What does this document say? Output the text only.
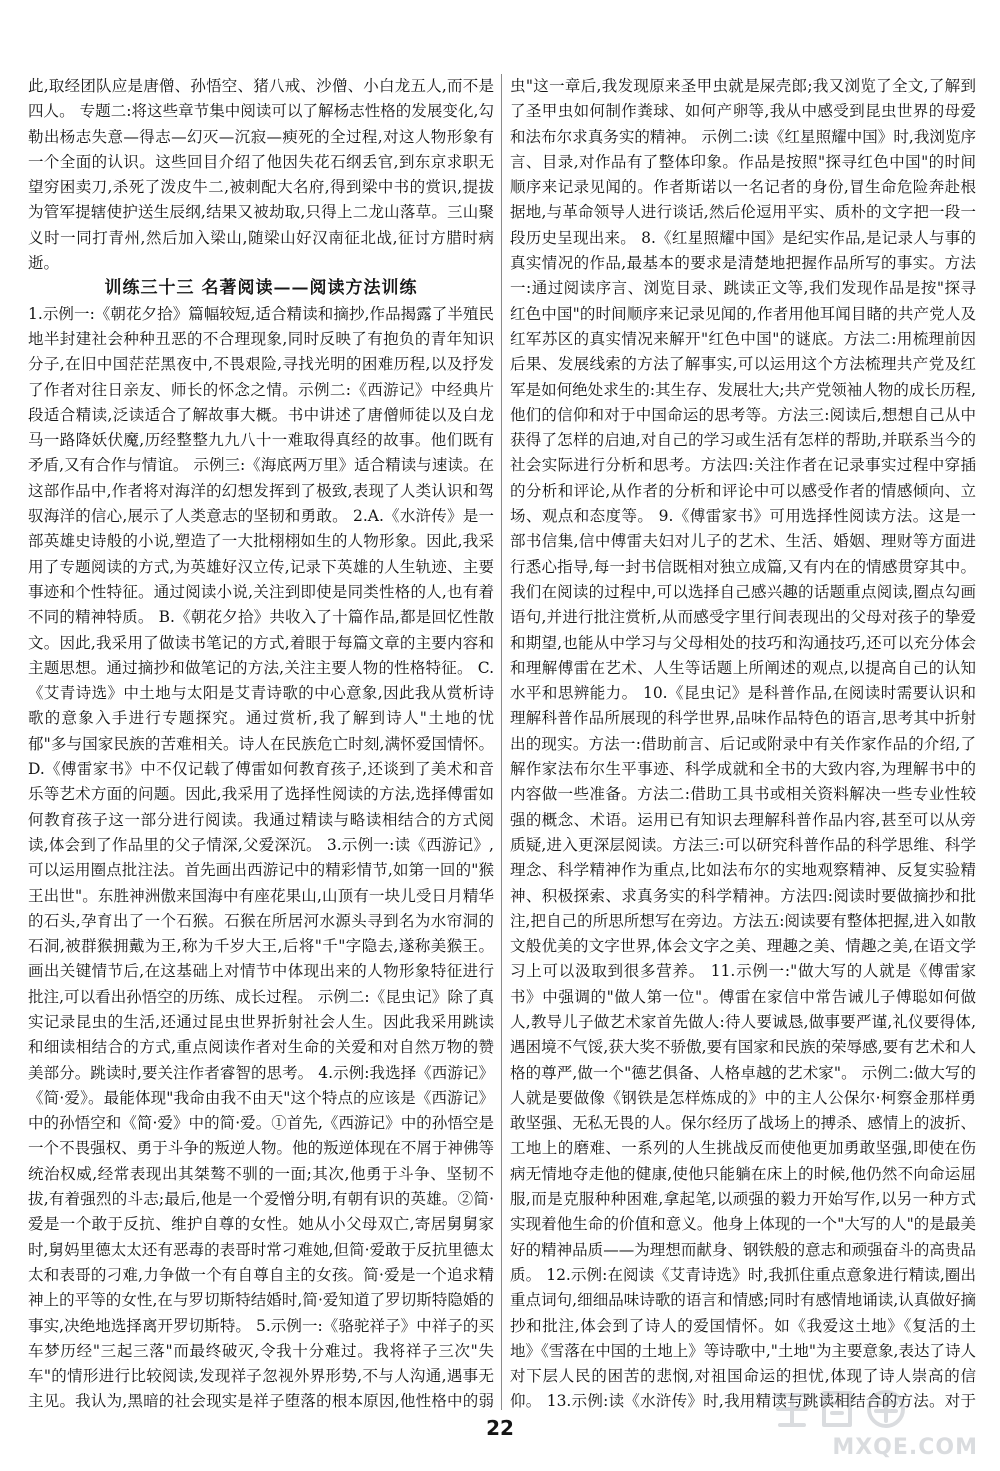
此,取经团队应是唐僧、孙悟空、猪八戒、沙僧、小白龙五人,而不是四人。 专题二:将这些章节集中阅读可以了解杨志性格的发展变化,勾勒出杨志失意—得志—幻灭—沉寂—瘐死的全过程,对这人物形象有一个全面的认识。这些回目介绍了他因失花石纲丢官,到东京求职无望穷困卖刀,杀死了泼皮牛二,被刺配大名府,得到梁中书的赏识,提拔为管军提辖使护送生辰纲,结果又被劫取,只得上二龙山落草。三山聚义时一同打青州,然后加入梁山,随梁山好汉南征北战,征讨方腊时病逝。
训练三十三 名著阅读——阅读方法训练
1.示例一:《朝花夕拾》篇幅较短,适合精读和摘抄,作品揭露了半殖民地半封建社会种种丑恶的不合理现象,同时反映了有抱负的青年知识分子,在旧中国茫茫黑夜中,不畏艰险,寻找光明的困难历程,以及抒发了作者对往日亲友、师长的怀念之情。示例二:《西游记》中经典片段适合精读,泛读适合了解故事大概。书中讲述了唐僧师徒以及白龙马一路降妖伏魔,历经整整九九八十一难取得真经的故事。他们既有矛盾,又有合作与情谊。 示例三:《海底两万里》适合精读与速读。在这部作品中,作者将对海洋的幻想发挥到了极致,表现了人类认识和驾驭海洋的信心,展示了人类意志的坚韧和勇敢。 2.A.《水浒传》是一部英雄史诗般的小说,塑造了一大批栩栩如生的人物形象。因此,我采用了专题阅读的方式,为英雄好汉立传,记录下英雄的人生轨迹、主要事迹和个性特征。通过阅读小说,关注到即使是同类性格的人,也有着不同的精神特质。 B.《朝花夕拾》共收入了十篇作品,都是回忆性散文。因此,我采用了做读书笔记的方式,着眼于每篇文章的主要内容和主题思想。通过摘抄和做笔记的方法,关注主要人物的性格特征。 C.《艾青诗选》中土地与太阳是艾青诗歌的中心意象,因此我从赏析诗歌的意象入手进行专题探究。通过赏析,我了解到诗人"土地的忧郁"多与国家民族的苦难相关。诗人在民族危亡时刻,满怀爱国情怀。 D.《傅雷家书》中不仅记载了傅雷如何教育孩子,还谈到了美术和音乐等艺术方面的问题。因此,我采用了选择性阅读的方法,选择傅雷如何教育孩子这一部分进行阅读。我通过精读与略读相结合的方式阅读,体会到了作品里的父子情深,父爱深沉。 3.示例一:读《西游记》,可以运用圈点批注法。首先画出西游记中的精彩情节,如第一回的"猴王出世"。东胜神洲傲来国海中有座花果山,山顶有一块儿受日月精华的石头,孕育出了一个石猴。石猴在所居河水源头寻到名为水帘洞的石洞,被群猴拥戴为王,称为千岁大王,后将"千"字隐去,遂称美猴王。画出关键情节后,在这基础上对情节中体现出来的人物形象特征进行批注,可以看出孙悟空的历练、成长过程。 示例二:《昆虫记》除了真实记录昆虫的生活,还通过昆虫世界折射社会人生。因此我采用跳读和细读相结合的方式,重点阅读作者对生命的关爱和对自然万物的赞美部分。跳读时,要关注作者睿智的思考。 4.示例:我选择《西游记》《简·爱》。最能体现"我命由我不由天"这个特点的应该是《西游记》中的孙悟空和《简·爱》中的简·爱。①首先,《西游记》中的孙悟空是一个不畏强权、勇于斗争的叛逆人物。他的叛逆体现在不屑于神佛等统治权威,经常表现出其桀骜不驯的一面;其次,他勇于斗争、坚韧不拔,有着强烈的斗志;最后,他是一个爱憎分明,有朝有识的英雄。②简·爱是一个敢于反抗、维护自尊的女性。她从小父母双亡,寄居舅舅家时,舅妈里德太太还有恶毒的表哥时常刁难她,但简·爱敢于反抗里德太太和表哥的刁难,力争做一个有自尊自主的女孩。简·爱是一个追求精神上的平等的女性,在与罗切斯特结婚时,简·爱知道了罗切斯特隐婚的事实,决绝地选择离开罗切斯特。 5.示例一:《骆驼祥子》中祥子的买车梦历经"三起三落"而最终破灭,令我十分难过。我将祥子三次"失车"的情形进行比较阅读,发现祥子忽视外界形势,不与人沟通,遇事无主见。我认为,黑暗的社会现实是祥子堕落的根本原因,他性格中的弱
虫"这一章后,我发现原来圣甲虫就是屎壳郎;我又浏览了全文,了解到了圣甲虫如何制作粪球、如何产卵等,我从中感受到昆虫世界的母爱和法布尔求真务实的精神。 示例二:读《红星照耀中国》时,我浏览序言、目录,对作品有了整体印象。作品是按照"探寻红色中国"的时间顺序来记录见闻的。作者斯诺以一名记者的身份,冒生命危险奔赴根据地,与革命领导人进行谈话,然后伦逗用平实、质朴的文字把一段一段历史呈现出来。 8.《红星照耀中国》是纪实作品,是记录人与事的真实情况的作品,最基本的要求是清楚地把握作品所写的事实。方法一:通过阅读序言、浏览目录、跳读正文等,我们发现作品是按"探寻红色中国"的时间顺序来记录见闻的,作者用他耳闻目睹的共产党人及红军苏区的真实情况来解开"红色中国"的谜底。方法二:用梳理前因后果、发展线索的方法了解事实,可以运用这个方法梳理共产党及红军是如何绝处求生的:其生存、发展壮大;共产党领袖人物的成长历程,他们的信仰和对于中国命运的思考等。方法三:阅读后,想想自己从中获得了怎样的启迪,对自己的学习或生活有怎样的帮助,并联系当今的社会实际进行分析和思考。方法四:关注作者在记录事实过程中穿插的分析和评论,从作者的分析和评论中可以感受作者的情感倾向、立场、观点和态度等。 9.《傅雷家书》可用选择性阅读方法。这是一部书信集,信中傅雷夫妇对儿子的艺术、生活、婚姻、理财等方面进行悉心指导,每一封书信既相对独立成篇,又有内在的情感贯穿其中。我们在阅读的过程中,可以选择自己感兴趣的话题重点阅读,圈点勾画语句,并进行批注赏析,从而感受字里行间表现出的父母对孩子的挚爱和期望,也能从中学习与父母相处的技巧和沟通技巧,还可以充分体会和理解傅雷在艺术、人生等话题上所阐述的观点,以提高自己的认知水平和思辨能力。 10.《昆虫记》是科普作品,在阅读时需要认识和理解科普作品所展现的科学世界,品味作品特色的语言,思考其中折射出的现实。方法一:借助前言、后记或附录中有关作家作品的介绍,了解作家法布尔生平事迹、科学成就和全书的大致内容,为理解书中的内容做一些准备。方法二:借助工具书或相关资料解决一些专业性较强的概念、术语。运用已有知识去理解科普作品内容,甚至可以从旁质疑,进入更深层阅读。方法三:可以研究科普作品的科学思维、科学理念、科学精神作为重点,比如法布尔的实地观察精神、反复实验精神、积极探索、求真务实的科学精神。方法四:阅读时要做摘抄和批注,把自己的所思所想写在旁边。方法五:阅读要有整体把握,进入如散文般优美的文字世界,体会文字之美、理趣之美、情趣之美,在语文学习上可以汲取到很多营养。 11.示例一:"做大写的人就是《傅雷家书》中强调的"做人第一位"。傅雷在家信中常告诫儿子傅聪如何做人,教导儿子做艺术家首先做人:待人要诚恳,做事要严谨,礼仪要得体,遇困境不气馁,获大奖不骄傲,要有国家和民族的荣辱感,要有艺术和人格的尊严,做一个"德艺俱备、人格卓越的艺术家"。 示例二:做大写的人就是要做像《钢铁是怎样炼成的》中的主人公保尔·柯察金那样勇敢坚强、无私无畏的人。保尔经历了战场上的搏杀、感情上的波折、工地上的磨难、一系列的人生挑战反而使他更加勇敢坚强,即使在伤病无情地夺走他的健康,使他只能躺在床上的时候,他仍然不向命运屈服,而是克服种种困难,拿起笔,以顽强的毅力开始写作,以另一种方式实现着他生命的价值和意义。他身上体现的一个"大写的人"的是最美好的精神品质——为理想而献身、钢铁般的意志和顽强奋斗的高贵品质。 12.示例:在阅读《艾青诗选》时,我抓住重点意象进行精读,圈出重点词句,细细品味诗歌的语言和情感;同时有感情地诵读,认真做好摘抄和批注,体会到了诗人的爱国情怀。如《我爱这土地》《复活的土地》《雪落在中国的土地上》等诗歌中,"土地"为主要意象,表达了诗人对下层人民的困苦的悲悯,对祖国命运的担忧,体现了诗人崇高的信仰。 13.示例:读《水浒传》时,我用精读与跳读相结合的方法。对于
22
MXQE.COM
